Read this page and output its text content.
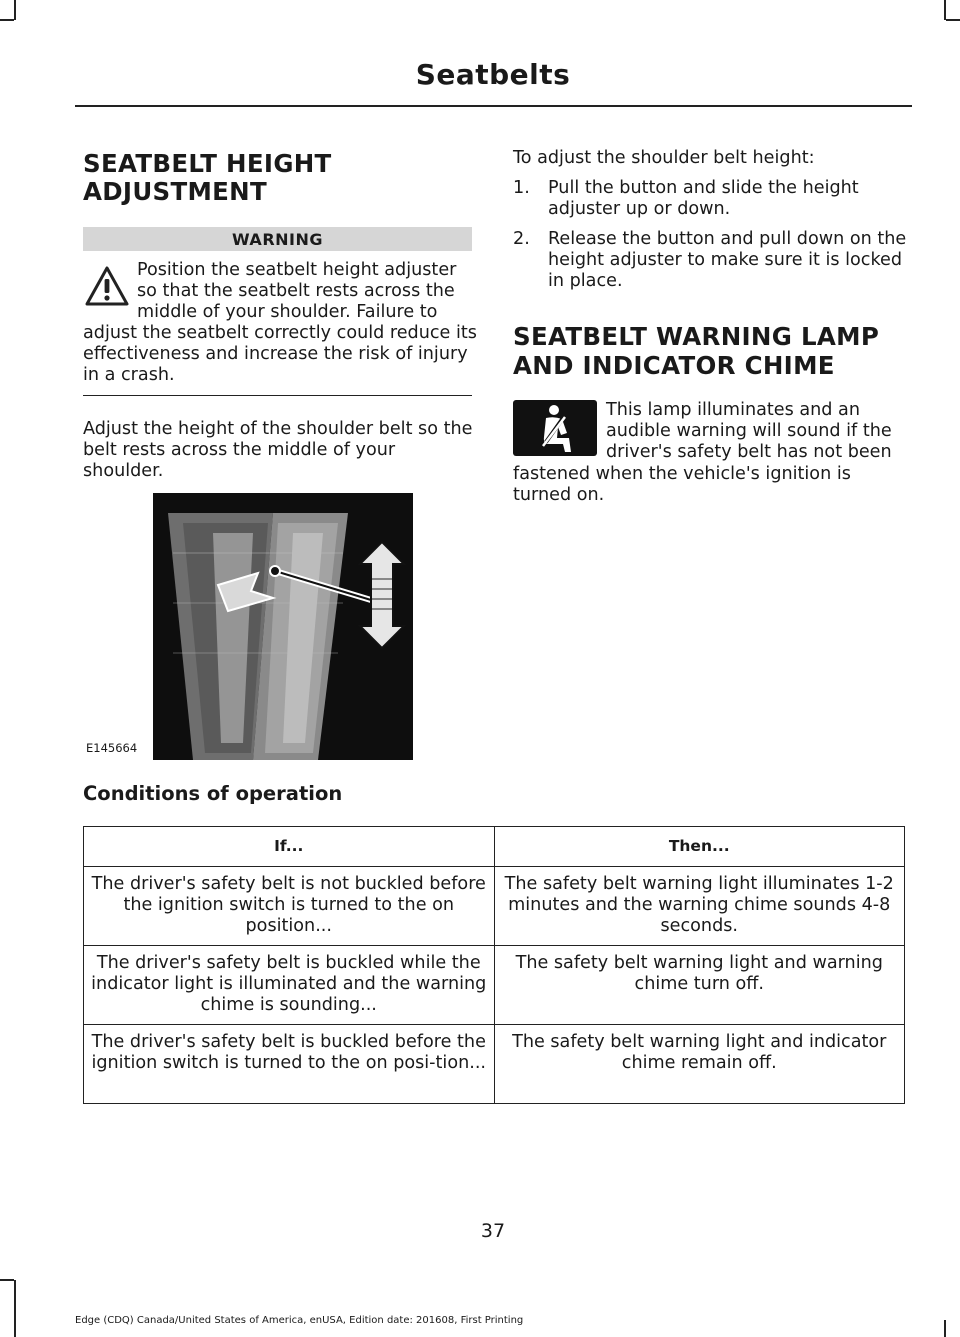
Seatbelts
SEATBELT HEIGHT
ADJUSTMENT
WARNING
Position the seatbelt height adjuster so that the seatbelt rests across the middle of your shoulder. Failure to
adjust the seatbelt correctly could reduce its effectiveness and increase the risk of injury in a crash.
Adjust the height of the shoulder belt so the belt rests across the middle of your shoulder.
E145664
To adjust the shoulder belt height:
1. Pull the button and slide the height adjuster up or down.
2. Release the button and pull down on the height adjuster to make sure it is locked in place.
SEATBELT WARNING LAMP
AND INDICATOR CHIME
This lamp illuminates and an audible warning will sound if the driver's safety belt has not been
fastened when the vehicle's ignition is turned on.
Conditions of operation
If...	Then...
The driver's safety belt is not buckled before the ignition switch is turned to the on position...	The safety belt warning light illuminates 1-2 minutes and the warning chime sounds 4-8 seconds.
The driver's safety belt is buckled while the indicator light is illuminated and the warning chime is sounding...	The safety belt warning light and warning chime turn off.
The driver's safety belt is buckled before the ignition switch is turned to the on posi-tion...	The safety belt warning light and indicator chime remain off.
37
Edge (CDQ) Canada/United States of America, enUSA, Edition date: 201608, First Printing
